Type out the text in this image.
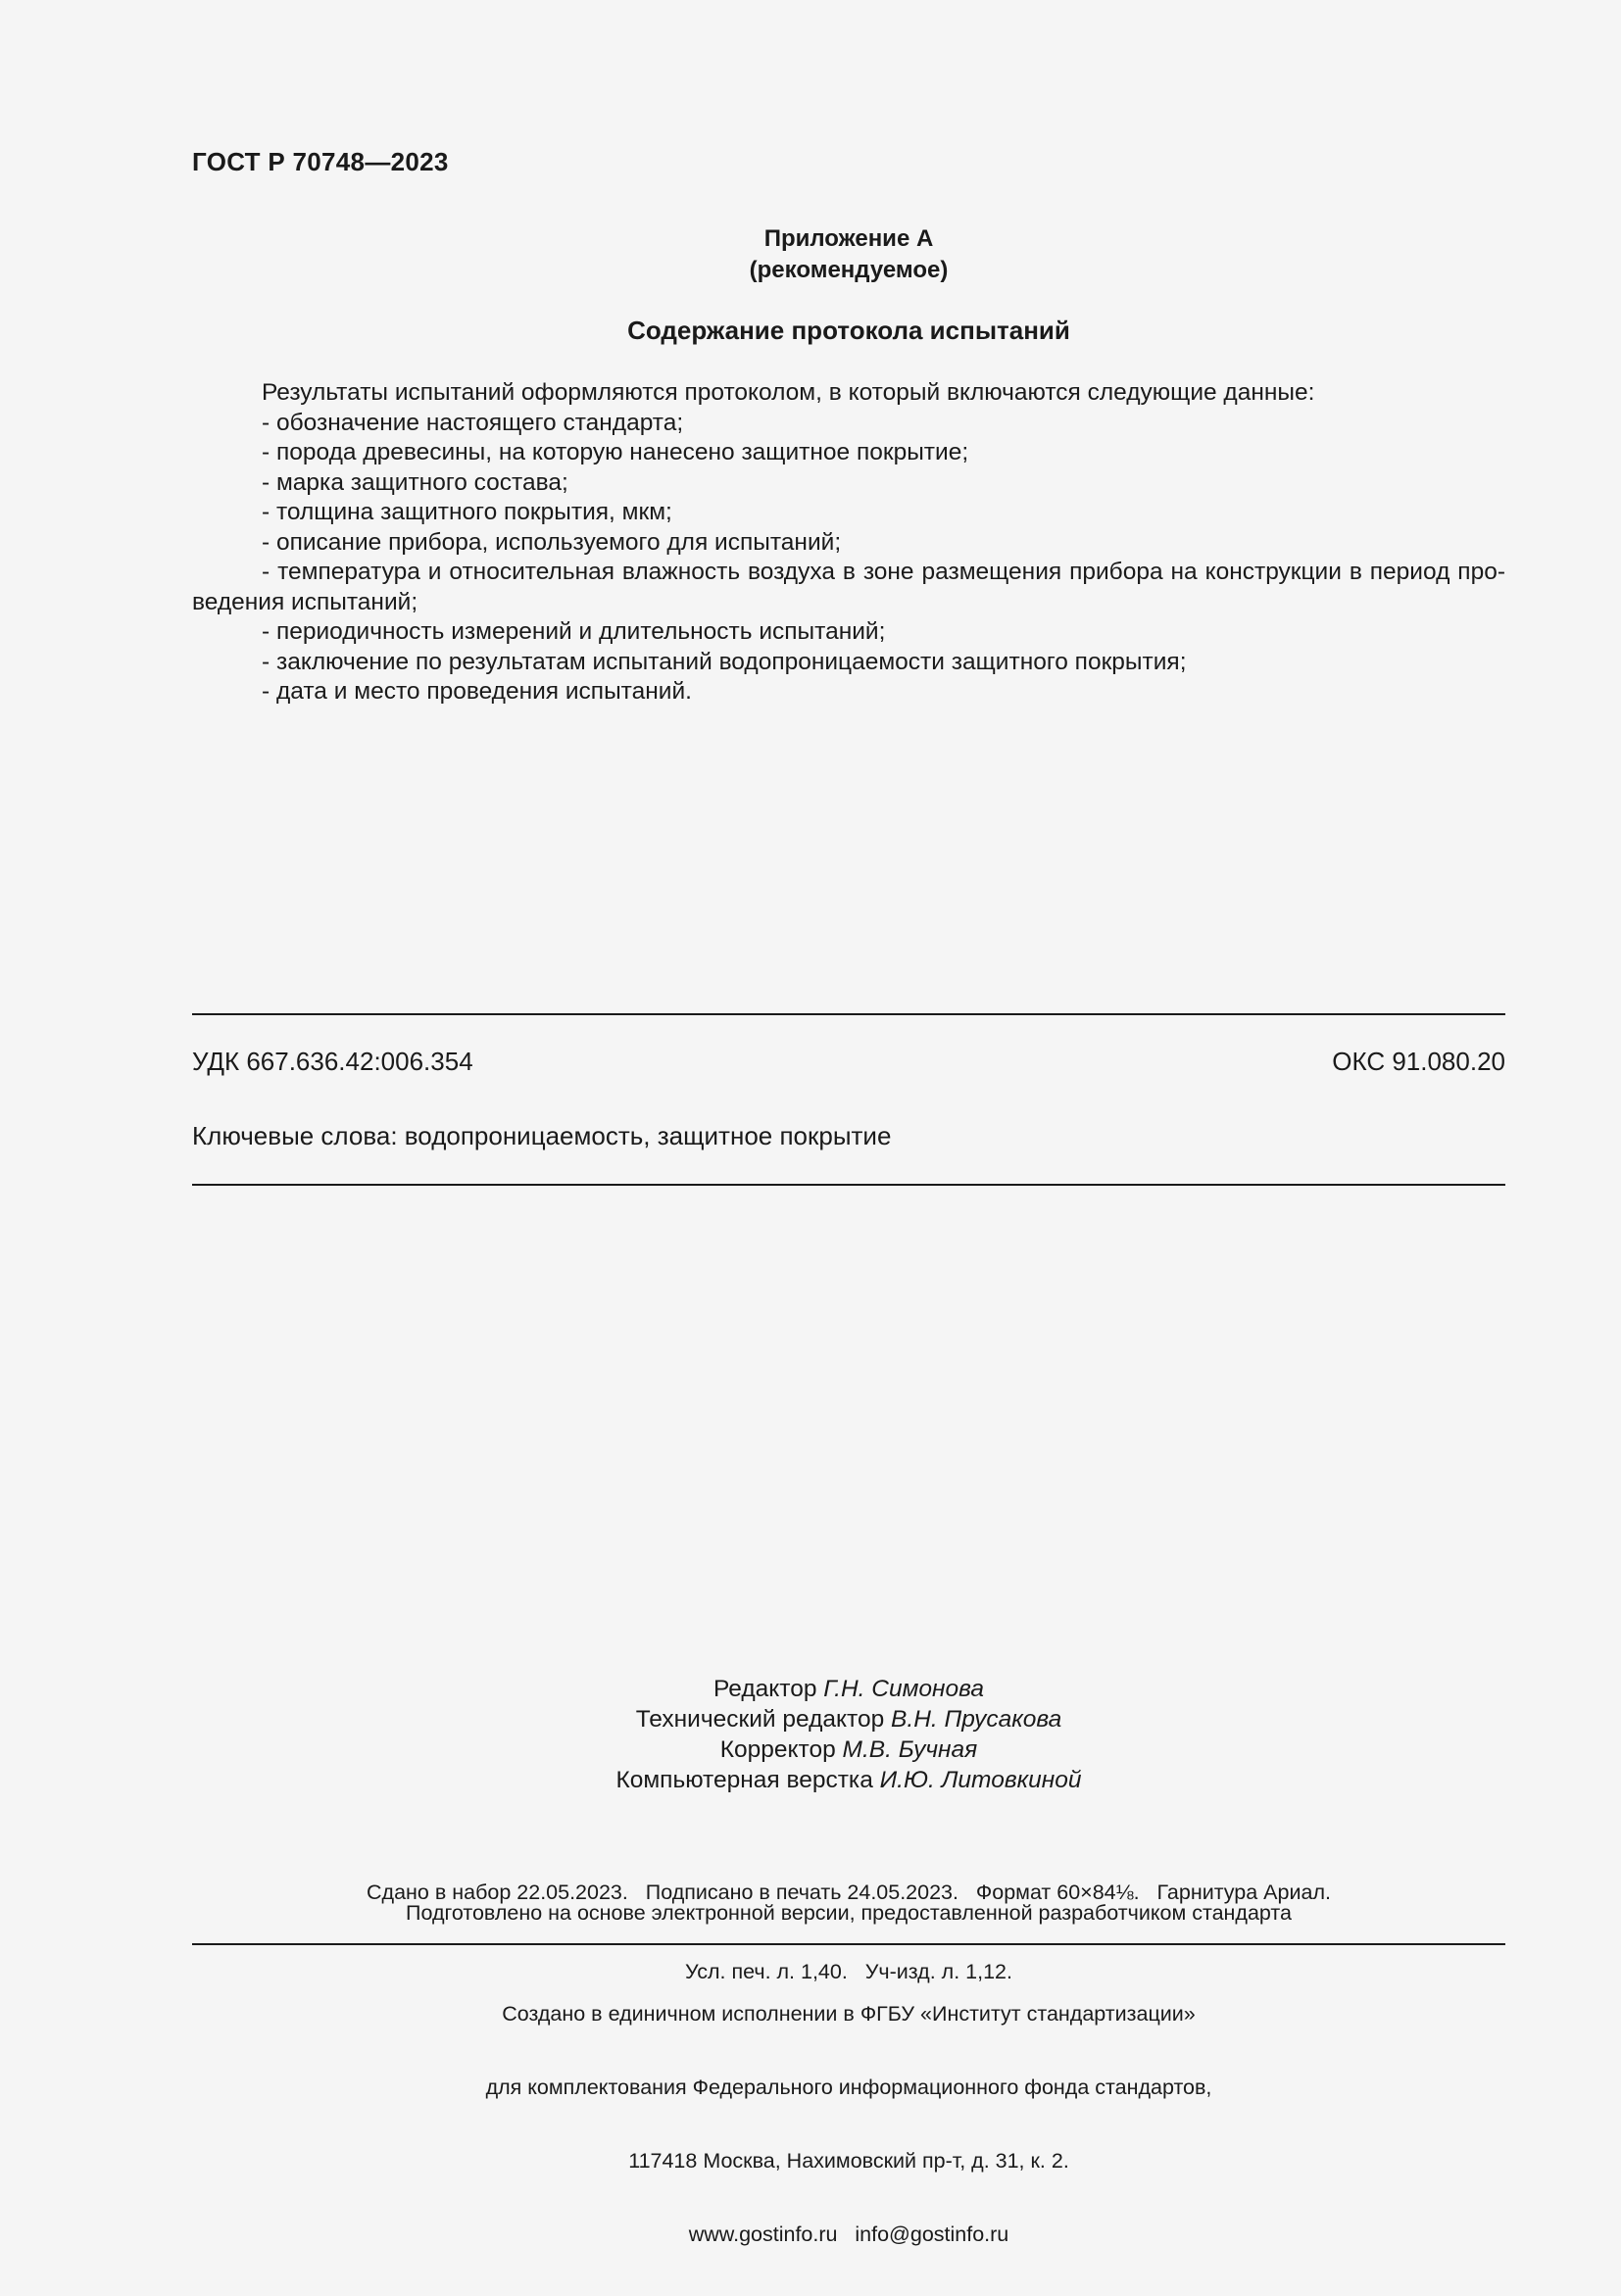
ГОСТ Р 70748—2023
Приложение А
(рекомендуемое)
Содержание протокола испытаний

Результаты испытаний оформляются протоколом, в который включаются следующие данные:

- обозначение настоящего стандарта;

- порода древесины, на которую нанесено защитное покрытие;

- марка защитного состава;

- толщина защитного покрытия, мкм;

- описание прибора, используемого для испытаний;

- температура и относительная влажность воздуха в зоне размещения прибора на конструкции в период проведения испытаний;

- периодичность измерений и длительность испытаний;

- заключение по результатам испытаний водопроницаемости защитного покрытия;

- дата и место проведения испытаний.

УДК 667.636.42:006.354	ОКС 91.080.20
Ключевые слова: водопроницаемость, защитное покрытие
Редактор Г.Н. Симонова
Технический редактор В.Н. Прусакова
Корректор М.В. Бучная
Компьютерная верстка И.Ю. Литовкиной

Сдано в набор 22.05.2023.   Подписано в печать 24.05.2023.   Формат 60×84⅛.   Гарнитура Ариал.

Усл. печ. л. 1,40.   Уч-изд. л. 1,12.

Подготовлено на основе электронной версии, предоставленной разработчиком стандарта

Создано в единичном исполнении в ФГБУ «Институт стандартизации»

для комплектования Федерального информационного фонда стандартов,

117418 Москва, Нахимовский пр-т, д. 31, к. 2.

www.gostinfo.ru   info@gostinfo.ru
